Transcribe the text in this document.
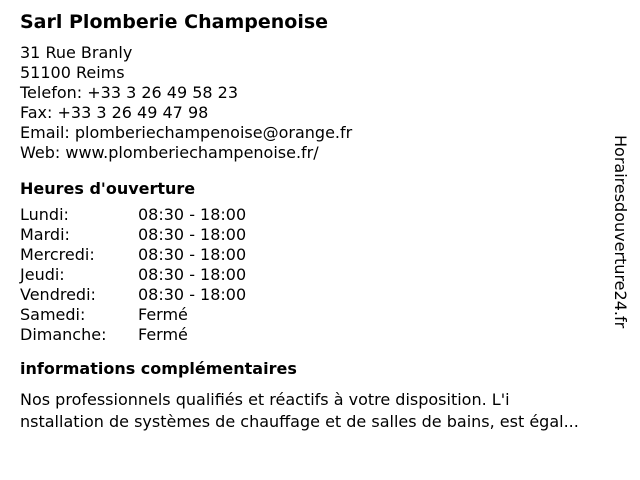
Sarl Plomberie Champenoise
31 Rue Branly
51100 Reims
Telefon: +33 3 26 49 58 23
Fax: +33 3 26 49 47 98
Email: plomberiechampenoise@orange.fr
Web: www.plomberiechampenoise.fr/
Heures d'ouverture
Lundi:	08:30 - 18:00
Mardi:	08:30 - 18:00
Mercredi:	08:30 - 18:00
Jeudi:	08:30 - 18:00
Vendredi:	08:30 - 18:00
Samedi:	Fermé
Dimanche:	Fermé
informations complémentaires
Nos professionnels qualifiés et réactifs à votre disposition. L'i
nstallation de systèmes de chauffage et de salles de bains, est égal...
Horairesdouverture24.fr
